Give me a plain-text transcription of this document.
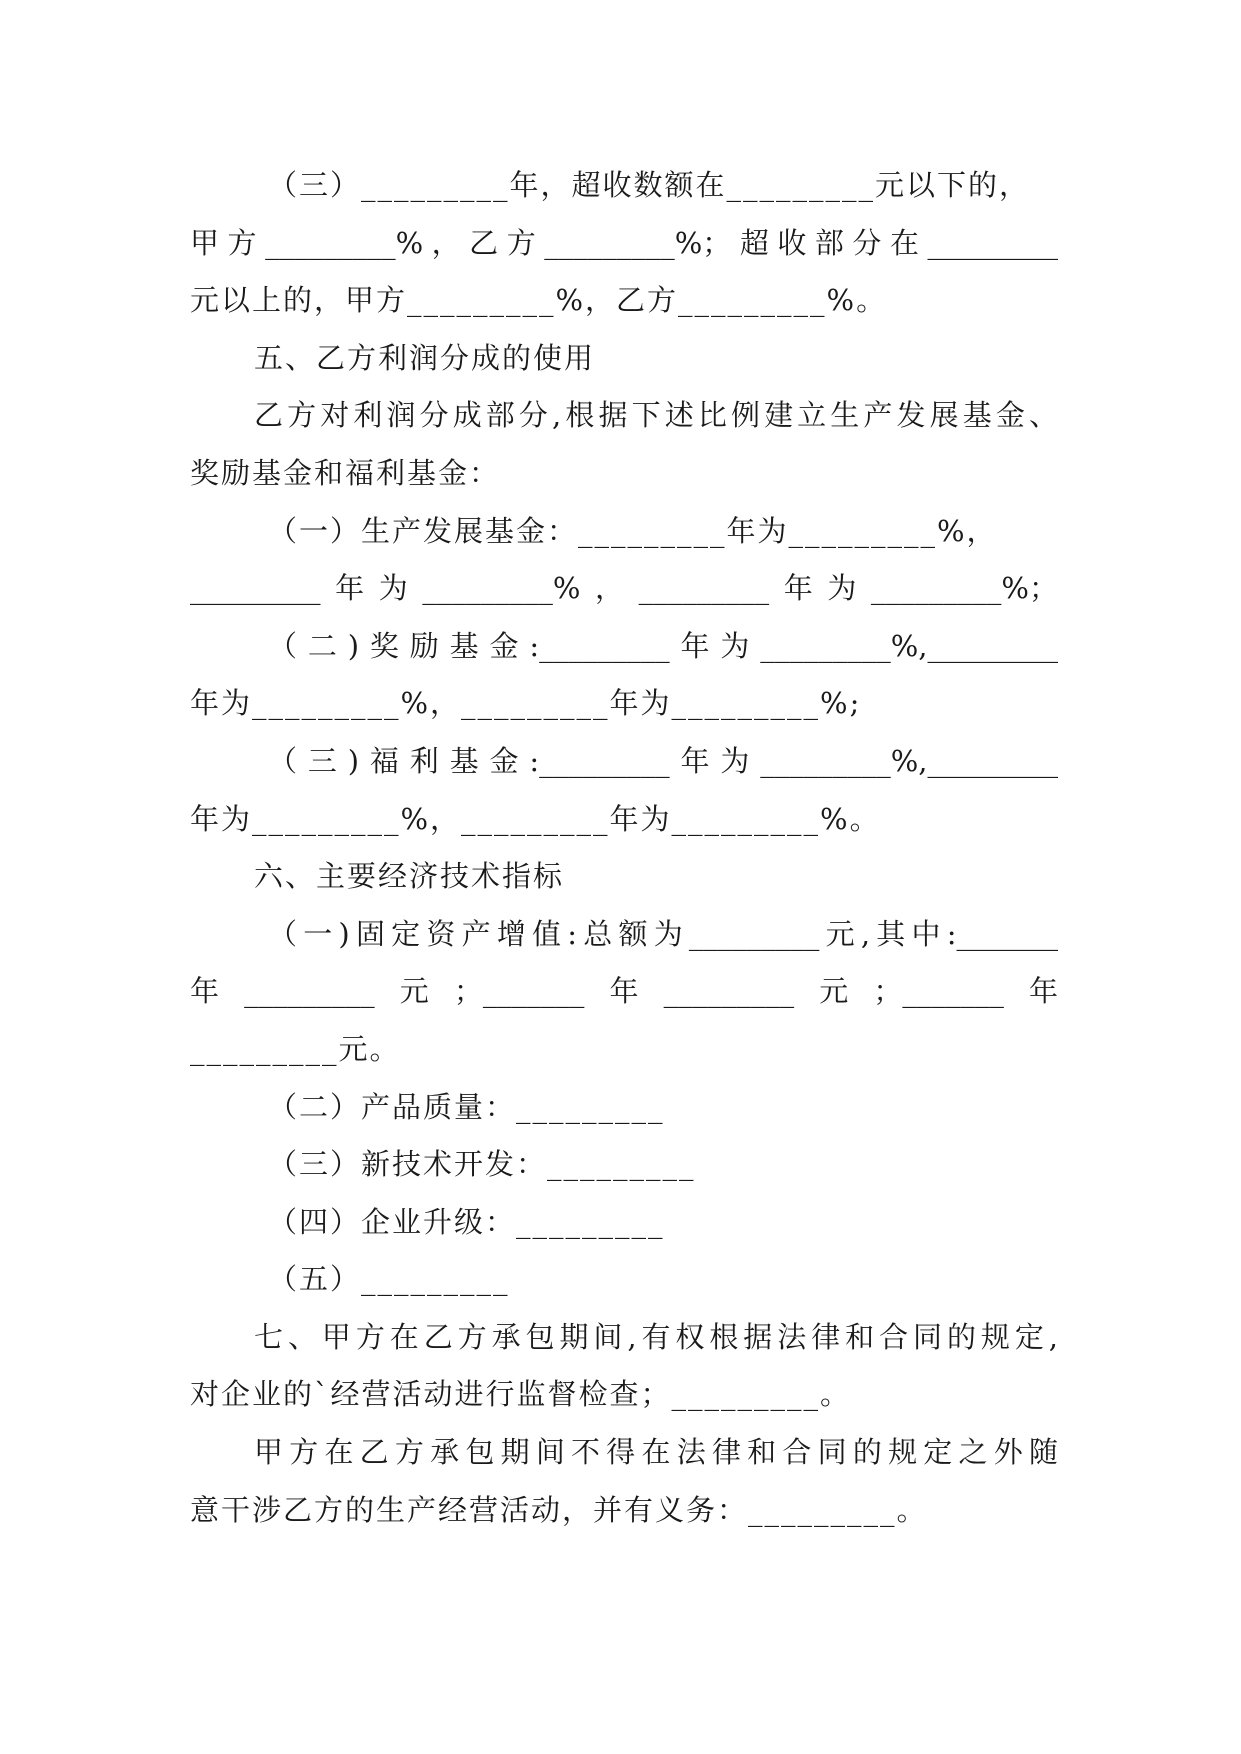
（三）_________年，超收数额在_________元以下的，
甲方_________%，乙方_________%；超收部分在_________
元以上的，甲方_________%，乙方_________%。
五、乙方利润分成的使用
乙方对利润分成部分,根据下述比例建立生产发展基金、
奖励基金和福利基金：
（一）生产发展基金：_________年为_________%，
_________年为_________%，_________年为_________%；
（二)奖励基金:_________年为_________%,_________
年为_________%，_________年为_________%;
（三)福利基金:_________年为_________%,_________
年为_________%，_________年为_________%。
六、主要经济技术指标
（一)固定资产增值:总额为_________元,其中:_______
年_________元；_______年_________元；_______年
_________元。
（二）产品质量：_________
（三）新技术开发：_________
（四）企业升级：_________
（五）_________
七、甲方在乙方承包期间,有权根据法律和合同的规定,
对企业的`经营活动进行监督检查；_________。
甲方在乙方承包期间不得在法律和合同的规定之外随
意干涉乙方的生产经营活动，并有义务：_________。
